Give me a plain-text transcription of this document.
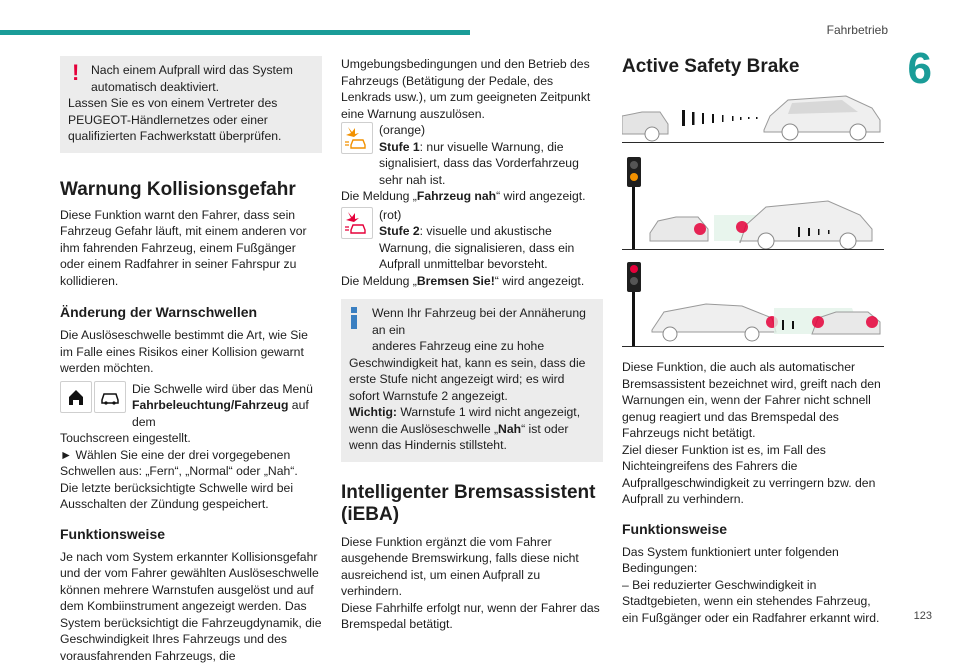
Fahrbetrieb
6
123
! Nach einem Aufprall wird das System
automatisch deaktiviert.

Lassen Sie es von einem Vertreter des PEUGEOT-Händlernetzes oder einer qualifizierten Fachwerkstatt überprüfen.

Warnung Kollisionsgefahr

Diese Funktion warnt den Fahrer, dass sein Fahrzeug Gefahr läuft, mit einem anderen vor ihm fahrenden Fahrzeug, einem Fußgänger oder einem Radfahrer in seiner Fahrspur zu kollidieren.

Änderung der Warnschwellen

Die Auslöseschwelle bestimmt die Art, wie Sie im Falle eines Risikos einer Kollision gewarnt werden möchten.

Die Schwelle wird über das Menü Fahrbeleuchtung/Fahrzeug auf dem

Touchscreen eingestellt.

► Wählen Sie eine der drei vorgegebenen Schwellen aus: „Fern“, „Normal“ oder „Nah“.

Die letzte berücksichtigte Schwelle wird bei Ausschalten der Zündung gespeichert.

Funktionsweise

Je nach vom System erkannter Kollisionsgefahr und der vom Fahrer gewählten Auslöseschwelle können mehrere Warnstufen ausgelöst und auf dem Kombiinstrument angezeigt werden. Das System berücksichtigt die Fahrzeugdynamik, die Geschwindigkeit Ihres Fahrzeugs und des vorausfahrenden Fahrzeugs, die

Umgebungsbedingungen und den Betrieb des Fahrzeugs (Betätigung der Pedale, des Lenkrads usw.), um zum geeigneten Zeitpunkt eine Warnung auszulösen.

(orange)
Stufe 1: nur visuelle Warnung, die signalisiert, dass das Vorderfahrzeug sehr nah ist.

Die Meldung „Fahrzeug nah“ wird angezeigt.

(rot)
Stufe 2: visuelle und akustische Warnung, die signalisieren, dass ein Aufprall unmittelbar bevorsteht.

Die Meldung „Bremsen Sie!“ wird angezeigt.

Wenn Ihr Fahrzeug bei der Annäherung an ein
anderes Fahrzeug eine zu hohe

Geschwindigkeit hat, kann es sein, dass die erste Stufe nicht angezeigt wird; es wird sofort Warnstufe 2 angezeigt.

Wichtig: Warnstufe 1 wird nicht angezeigt, wenn die Auslöseschwelle „Nah“ ist oder wenn das Hindernis stillsteht.

Intelligenter Bremsassistent (iEBA)

Diese Funktion ergänzt die vom Fahrer ausgehende Bremswirkung, falls diese nicht ausreichend ist, um einen Aufprall zu verhindern.

Diese Fahrhilfe erfolgt nur, wenn der Fahrer das Bremspedal betätigt.

Active Safety Brake

Diese Funktion, die auch als automatischer Bremsassistent bezeichnet wird, greift nach den Warnungen ein, wenn der Fahrer nicht schnell genug reagiert und das Bremspedal des Fahrzeugs nicht betätigt.

Ziel dieser Funktion ist es, im Fall des Nichteingreifens des Fahrers die Aufprallgeschwindigkeit zu verringern bzw. den Aufprall zu verhindern.

Funktionsweise

Das System funktioniert unter folgenden Bedingungen:

– Bei reduzierter Geschwindigkeit in Stadtgebieten, wenn ein stehendes Fahrzeug, ein Fußgänger oder ein Radfahrer erkannt wird.
